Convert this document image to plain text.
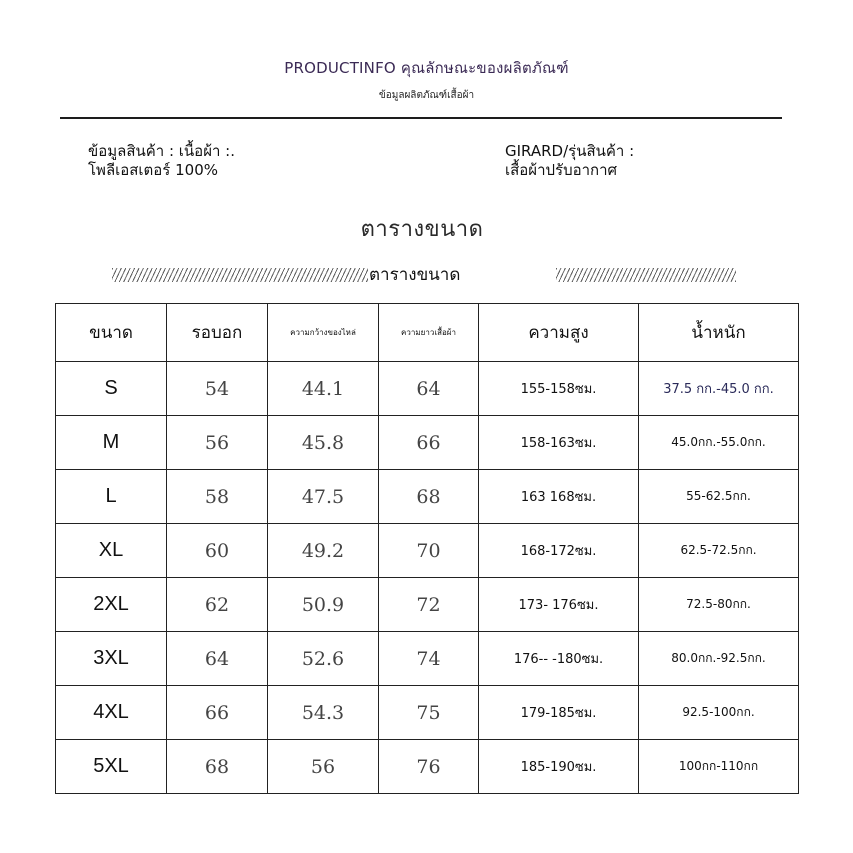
PRODUCTINFO คุณลักษณะของผลิตภัณฑ์
ข้อมูลผลิตภัณฑ์เสื้อผ้า
ข้อมูลสินค้า : เนื้อผ้า :.
โพลีเอสเตอร์ 100%
GIRARD/รุ่นสินค้า :
เสื้อผ้าปรับอากาศ
ตารางขนาด
ตารางขนาด
ขนาด	รอบอก	ความกว้างของไหล่	ความยาวเสื้อผ้า	ความสูง	น้ำหนัก
S	54	44.1	64	155-158ซม.	37.5 กก.-45.0 กก.
M	56	45.8	66	158-163ซม.	45.0กก.-55.0กก.
L	58	47.5	68	163 168ซม.	55-62.5กก.
XL	60	49.2	70	168-172ซม.	62.5-72.5กก.
2XL	62	50.9	72	173- 176ซม.	72.5-80กก.
3XL	64	52.6	74	176-- -180ซม.	80.0กก.-92.5กก.
4XL	66	54.3	75	179-185ซม.	92.5-100กก.
5XL	68	56	76	185-190ซม.	100กก-110กก
